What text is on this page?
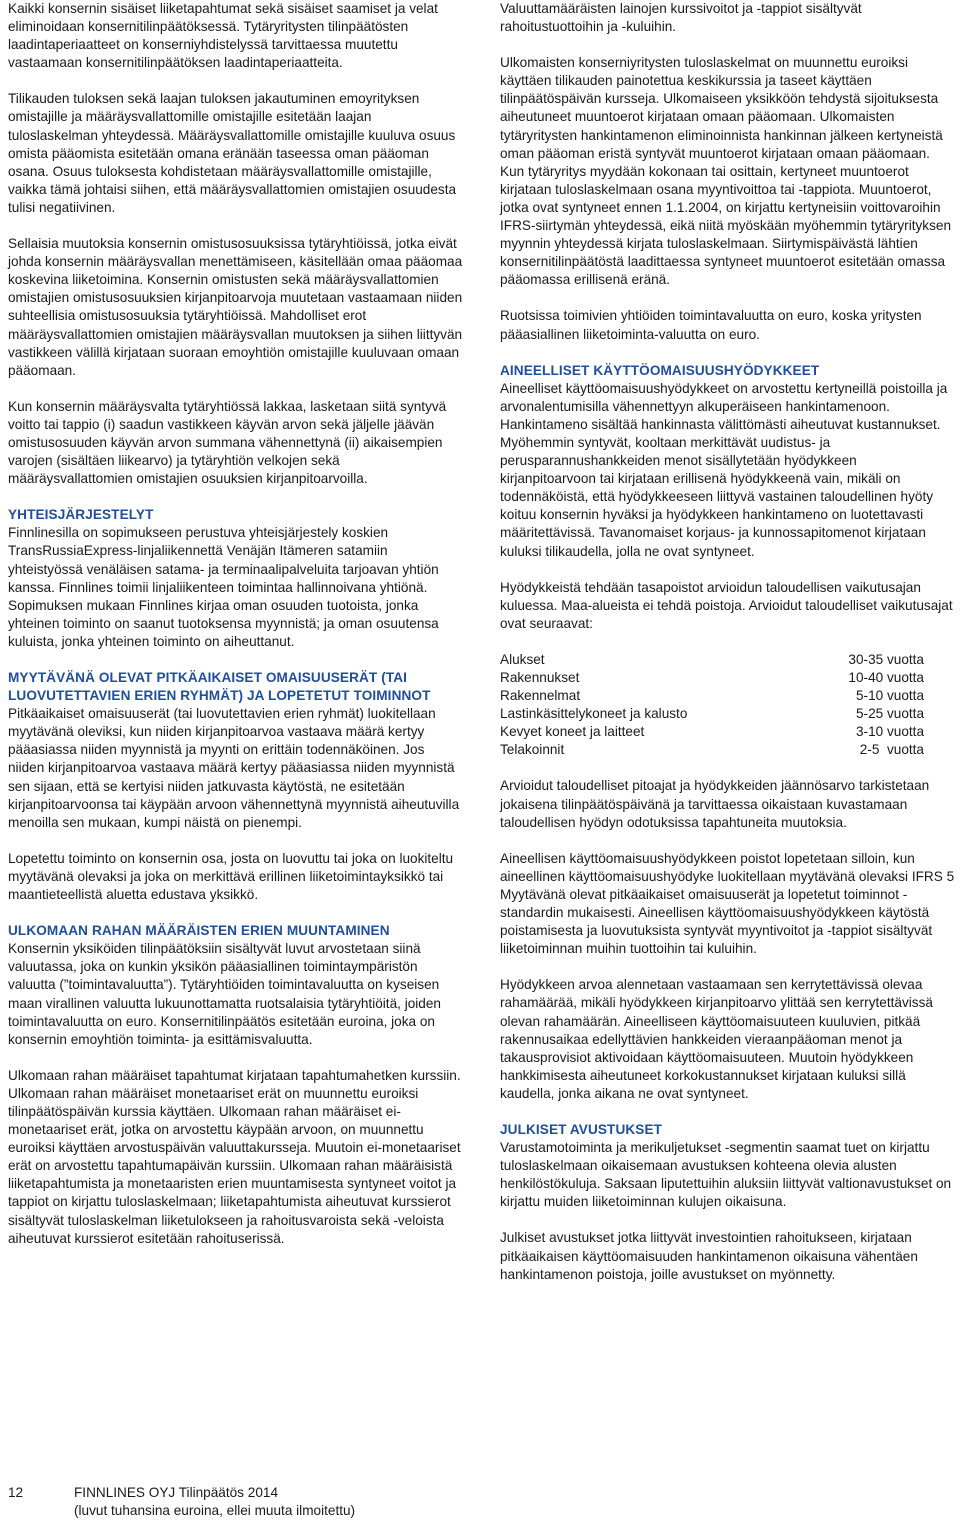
Kaikki konsernin sisäiset liiketapahtumat sekä sisäiset saamiset ja velat eliminoidaan konsernitilinpäätöksessä. Tytäryritysten tilinpäätösten laadintaperiaatteet on konserniyhdistelyssä tarvittaessa muutettu vastaamaan konsernitilinpäätöksen laadintaperiaatteita.

Tilikauden tuloksen sekä laajan tuloksen jakautuminen emoyrityksen omistajille ja määräysvallattomille omistajille esitetään laajan tuloslaskelman yhteydessä. Määräysvallattomille omistajille kuuluva osuus omista pääomista esitetään omana eränään taseessa oman pääoman osana. Osuus tuloksesta kohdistetaan määräysvallattomille omistajille, vaikka tämä johtaisi siihen, että määräysvallattomien omistajien osuudesta tulisi negatiivinen.

Sellaisia muutoksia konsernin omistusosuuksissa tytäryhtiöissä, jotka eivät johda konsernin määräysvallan menettämiseen, käsitellään omaa pääomaa koskevina liiketoimina. Konsernin omistusten sekä määräysvallattomien omistajien omistusosuuksien kirjanpitoarvoja muutetaan vastaamaan niiden suhteellisia omistusosuuksia tytäryhtiöissä. Mahdolliset erot määräysvallattomien omistajien määräysvallan muutoksen ja siihen liittyvän vastikkeen välillä kirjataan suoraan emoyhtiön omistajille kuuluvaan omaan pääomaan.

Kun konsernin määräysvalta tytäryhtiössä lakkaa, lasketaan siitä syntyvä voitto tai tappio (i) saadun vastikkeen käyvän arvon sekä jäljelle jäävän omistusosuuden käyvän arvon summana vähennettynä (ii) aikaisempien varojen (sisältäen liikearvo) ja tytäryhtiön velkojen sekä määräysvallattomien omistajien osuuksien kirjanpitoarvoilla.

YHTEISJÄRJESTELYT

Finnlinesilla on sopimukseen perustuva yhteisjärjestely koskien TransRussiaExpress-linjaliikennettä Venäjän Itämeren satamiin yhteistyössä venäläisen satama- ja terminaalipalveluita tarjoavan yhtiön kanssa. Finnlines toimii linjaliikenteen toimintaa hallinnoivana yhtiönä. Sopimuksen mukaan Finnlines kirjaa oman osuuden tuotoista, jonka yhteinen toiminto on saanut tuotoksensa myynnistä; ja oman osuutensa kuluista, jonka yhteinen toiminto on aiheuttanut.

MYYTÄVÄNÄ OLEVAT PITKÄAIKAISET OMAISUUSERÄT (TAI LUOVUTETTAVIEN ERIEN RYHMÄT) JA LOPETETUT TOIMINNOT

Pitkäaikaiset omaisuuserät (tai luovutettavien erien ryhmät) luokitellaan myytävänä oleviksi, kun niiden kirjanpitoarvoa vastaava määrä kertyy pääasiassa niiden myynnistä ja myynti on erittäin todennäköinen. Jos niiden kirjanpitoarvoa vastaava määrä kertyy pääasiassa niiden myynnistä sen sijaan, että se kertyisi niiden jatkuvasta käytöstä, ne esitetään kirjanpitoarvoonsa tai käypään arvoon vähennettynä myynnistä aiheutuvilla menoilla sen mukaan, kumpi näistä on pienempi.

Lopetettu toiminto on konsernin osa, josta on luovuttu tai joka on luokiteltu myytävänä olevaksi ja joka on merkittävä erillinen liiketoimintayksikkö tai maantieteellistä aluetta edustava yksikkö.

ULKOMAAN RAHAN MÄÄRÄISTEN ERIEN MUUNTAMINEN

Konsernin yksiköiden tilinpäätöksiin sisältyvät luvut arvostetaan siinä valuutassa, joka on kunkin yksikön pääasiallinen toimintaympäristön valuutta (”toimintavaluutta”). Tytäryhtiöiden toimintavaluutta on kyseisen maan virallinen valuutta lukuunottamatta ruotsalaisia tytäryhtiöitä, joiden toimintavaluutta on euro. Konsernitilinpäätös esitetään euroina, joka on konsernin emoyhtiön toiminta- ja esittämisvaluutta.

Ulkomaan rahan määräiset tapahtumat kirjataan tapahtumahetken kurssiin. Ulkomaan rahan määräiset monetaariset erät on muunnettu euroiksi tilinpäätöspäivän kurssia käyttäen. Ulkomaan rahan määräiset ei-monetaariset erät, jotka on arvostettu käypään arvoon, on muunnettu euroiksi käyttäen arvostuspäivän valuuttakursseja. Muutoin ei-monetaariset erät on arvostettu tapahtumapäivän kurssiin. Ulkomaan rahan määräisistä liiketapahtumista ja monetaaristen erien muuntamisesta syntyneet voitot ja tappiot on kirjattu tuloslaskelmaan; liiketapahtumista aiheutuvat kurssierot sisältyvät tuloslaskelman liiketulokseen ja rahoitusvaroista sekä -veloista aiheutuvat kurssierot esitetään rahoituserissä.

Valuuttamääräisten lainojen kurssivoitot ja -tappiot sisältyvät rahoitustuottoihin ja -kuluihin.

Ulkomaisten konserniyritysten tuloslaskelmat on muunnettu euroiksi käyttäen tilikauden painotettua keskikurssia ja taseet käyttäen tilinpäätöspäivän kursseja. Ulkomaiseen yksikköön tehdystä sijoituksesta aiheutuneet muuntoerot kirjataan omaan pääomaan. Ulkomaisten tytäryritysten hankintamenon eliminoinnista hankinnan jälkeen kertyneistä oman pääoman eristä syntyvät muuntoerot kirjataan omaan pääomaan. Kun tytäryritys myydään kokonaan tai osittain, kertyneet muuntoerot kirjataan tuloslaskelmaan osana myyntivoittoa tai -tappiota. Muuntoerot, jotka ovat syntyneet ennen 1.1.2004, on kirjattu kertyneisiin voittovaroihin IFRS-siirtymän yhteydessä, eikä niitä myöskään myöhemmin tytäryrityksen myynnin yhteydessä kirjata tuloslaskelmaan. Siirtymispäivästä lähtien konsernitilinpäätöstä laadittaessa syntyneet muuntoerot esitetään omassa pääomassa erillisenä eränä.

Ruotsissa toimivien yhtiöiden toimintavaluutta on euro, koska yritysten pääasiallinen liiketoiminta-valuutta on euro.

AINEELLISET KÄYTTÖOMAISUUSHYÖDYKKEET

Aineelliset käyttöomaisuushyödykkeet on arvostettu kertyneillä poistoilla ja arvonalentumisilla vähennettyyn alkuperäiseen hankintamenoon. Hankintameno sisältää hankinnasta välittömästi aiheutuvat kustannukset. Myöhemmin syntyvät, kooltaan merkittävät uudistus- ja perusparannushankkeiden menot sisällytetään hyödykkeen kirjanpitoarvoon tai kirjataan erillisenä hyödykkeenä vain, mikäli on todennäköistä, että hyödykkeeseen liittyvä vastainen taloudellinen hyöty koituu konsernin hyväksi ja hyödykkeen hankintameno on luotettavasti määritettävissä. Tavanomaiset korjaus- ja kunnossapitomenot kirjataan kuluksi tilikaudella, jolla ne ovat syntyneet.

Hyödykkeistä tehdään tasapoistot arvioidun taloudellisen vaikutusajan kuluessa. Maa-alueista ei tehdä poistoja. Arvioidut taloudelliset vaikutusajat ovat seuraavat:

Alukset	30-35 vuotta
Rakennukset	10-40 vuotta
Rakennelmat	5-10 vuotta
Lastinkäsittelykoneet ja kalusto	5-25 vuotta
Kevyet koneet ja laitteet	3-10 vuotta
Telakoinnit	2-5  vuotta

Arvioidut taloudelliset pitoajat ja hyödykkeiden jäännösarvo tarkistetaan jokaisena tilinpäätöspäivänä ja tarvittaessa oikaistaan kuvastamaan taloudellisen hyödyn odotuksissa tapahtuneita muutoksia.

Aineellisen käyttöomaisuushyödykkeen poistot lopetetaan silloin, kun aineellinen käyttöomaisuushyödyke luokitellaan myytävänä olevaksi IFRS 5 Myytävänä olevat pitkäaikaiset omaisuuserät ja lopetetut toiminnot -standardin mukaisesti. Aineellisen käyttöomaisuushyödykkeen käytöstä poistamisesta ja luovutuksista syntyvät myyntivoitot ja -tappiot sisältyvät liiketoiminnan muihin tuottoihin tai kuluihin.

Hyödykkeen arvoa alennetaan vastaamaan sen kerrytettävissä olevaa rahamäärää, mikäli hyödykkeen kirjanpitoarvo ylittää sen kerrytettävissä olevan rahamäärän. Aineelliseen käyttöomaisuuteen kuuluvien, pitkää rakennusaikaa edellyttävien hankkeiden vieraanpääoman menot ja takausprovisiot aktivoidaan käyttöomaisuuteen. Muutoin hyödykkeen hankkimisesta aiheutuneet korkokustannukset kirjataan kuluksi sillä kaudella, jonka aikana ne ovat syntyneet.

JULKISET AVUSTUKSET

Varustamotoiminta ja merikuljetukset -segmentin saamat tuet on kirjattu tuloslaskelmaan oikaisemaan avustuksen kohteena olevia alusten henkilöstökuluja. Saksaan liputettuihin aluksiin liittyvät valtionavustukset on kirjattu muiden liiketoiminnan kulujen oikaisuna.

Julkiset avustukset jotka liittyvät investointien rahoitukseen, kirjataan pitkäaikaisen käyttöomaisuuden hankintamenon oikaisuna vähentäen hankintamenon poistoja, joille avustukset on myönnetty.

12	FINNLINES OYJ Tilinpäätös 2014
(luvut tuhansina euroina, ellei muuta ilmoitettu)
